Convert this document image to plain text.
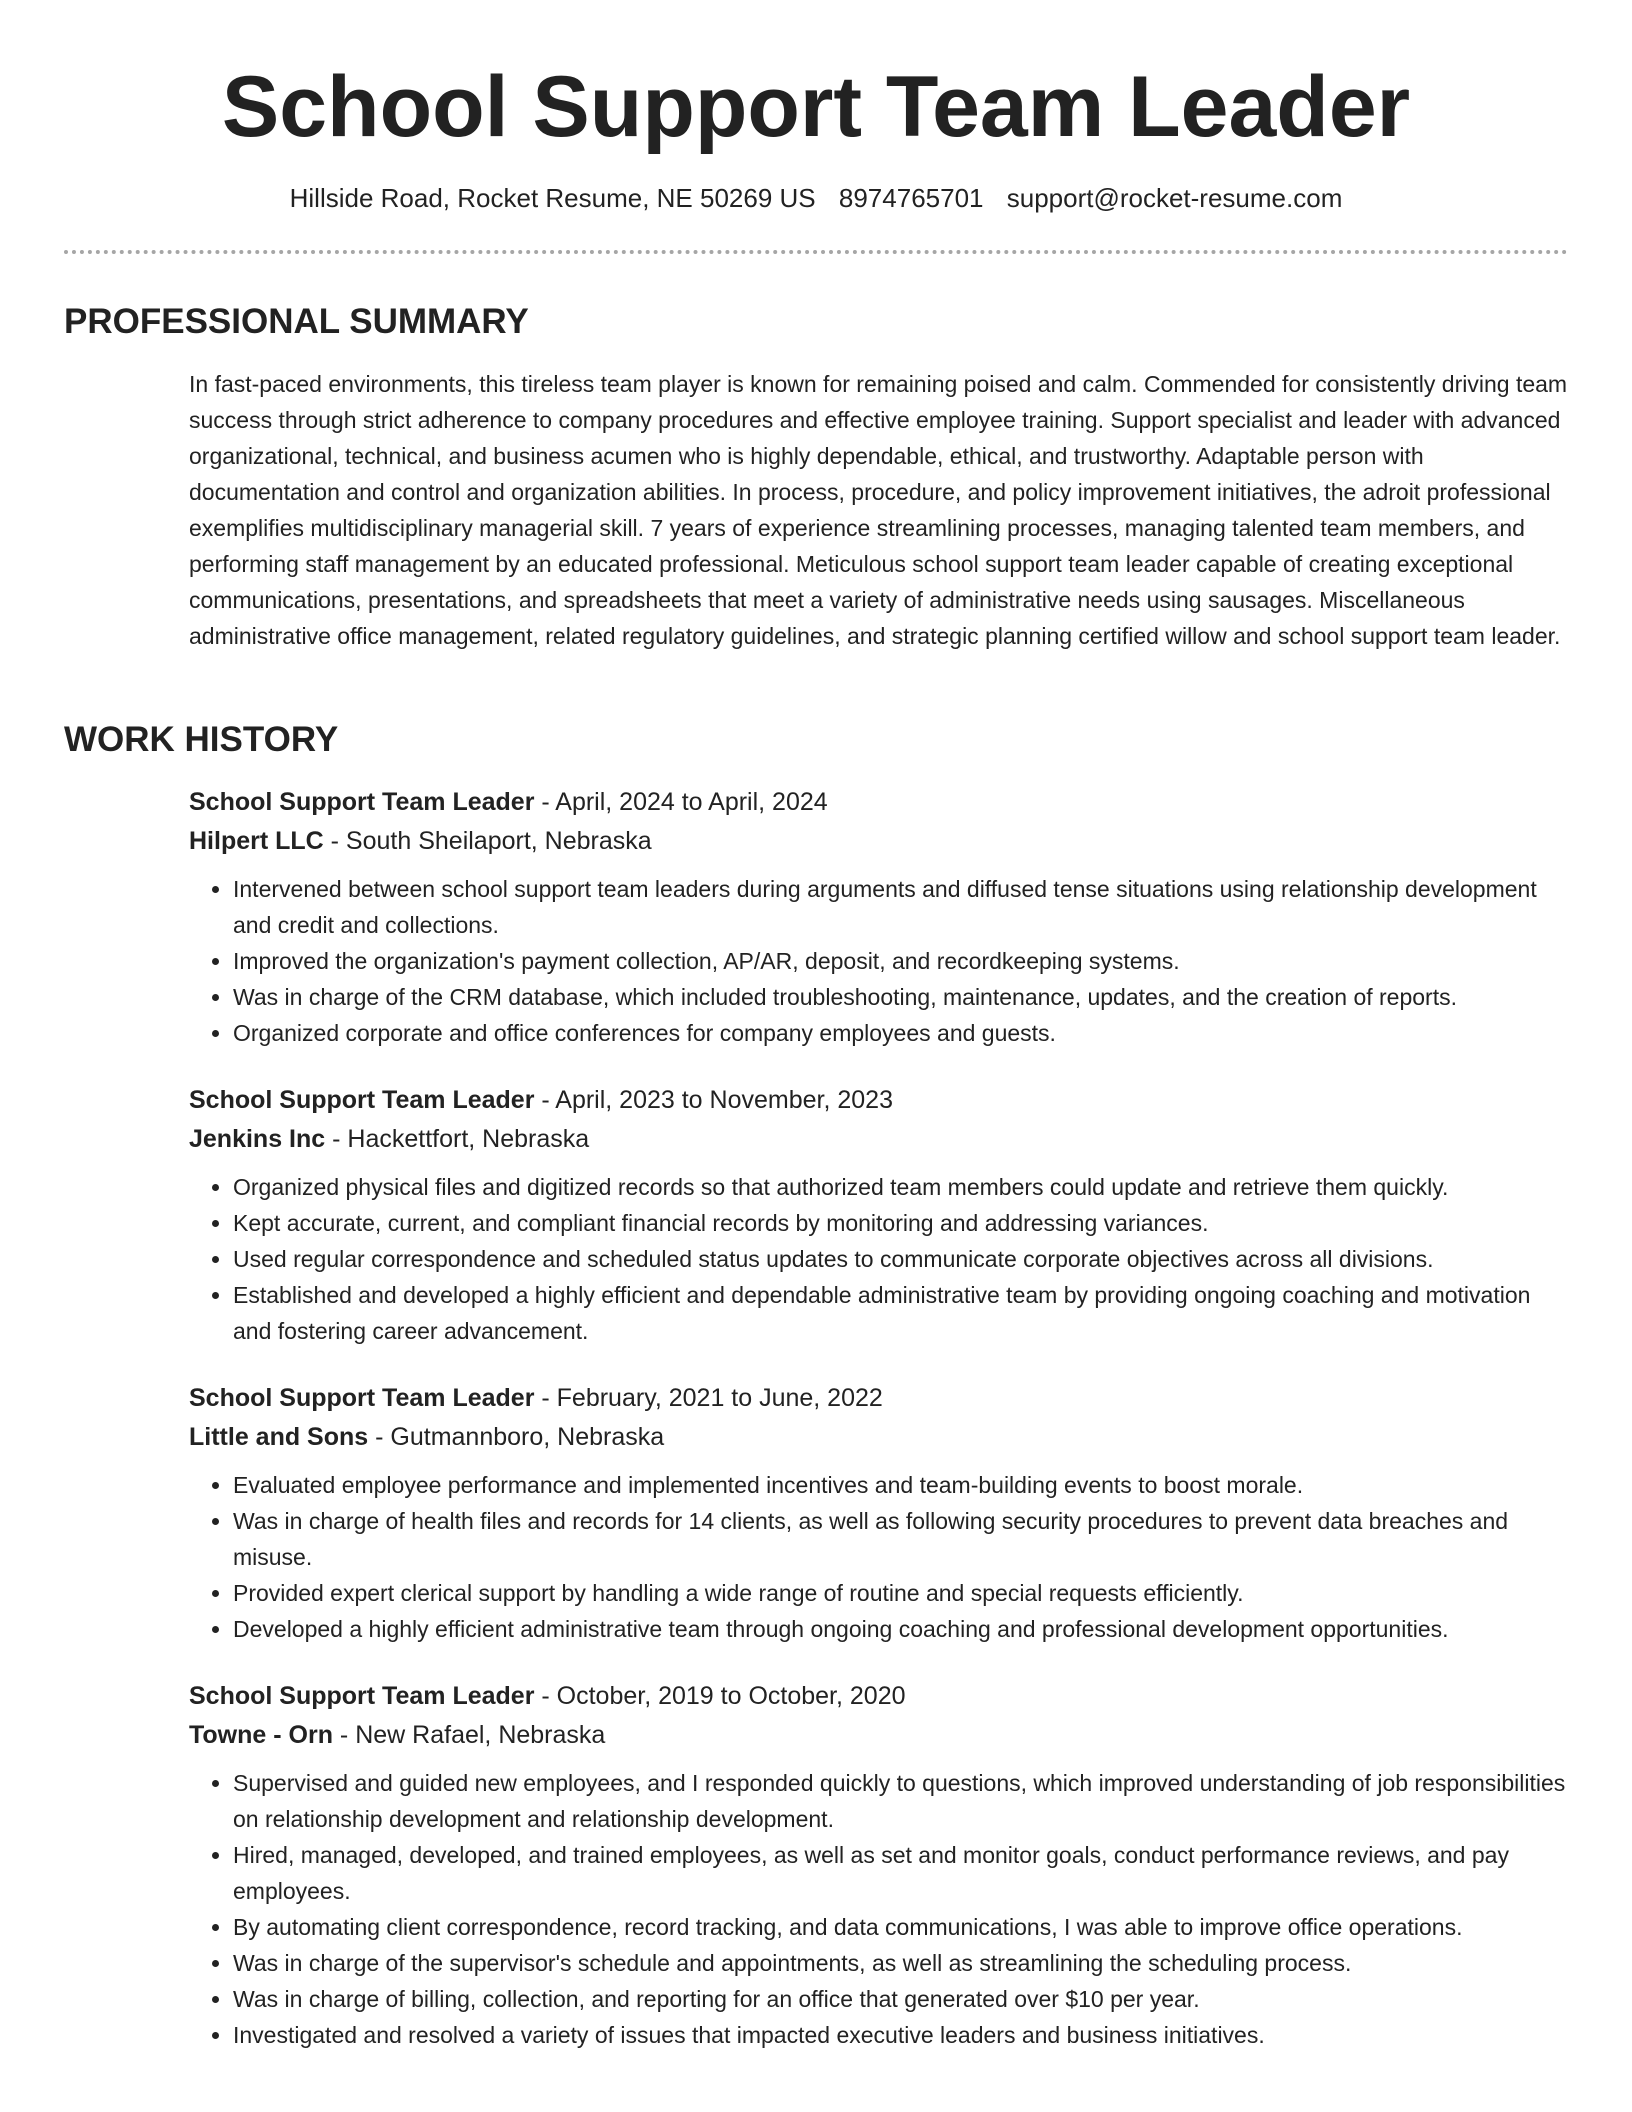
School Support Team Leader
Hillside Road, Rocket Resume, NE 50269 US 8974765701 support@rocket-resume.com
PROFESSIONAL SUMMARY

In fast-paced environments, this tireless team player is known for remaining poised and calm. Commended for consistently driving team success through strict adherence to company procedures and effective employee training. Support specialist and leader with advanced organizational, technical, and business acumen who is highly dependable, ethical, and trustworthy. Adaptable person with documentation and control and organization abilities. In process, procedure, and policy improvement initiatives, the adroit professional exemplifies multidisciplinary managerial skill. 7 years of experience streamlining processes, managing talented team members, and performing staff management by an educated professional. Meticulous school support team leader capable of creating exceptional communications, presentations, and spreadsheets that meet a variety of administrative needs using sausages. Miscellaneous administrative office management, related regulatory guidelines, and strategic planning certified willow and school support team leader.

WORK HISTORY

School Support Team Leader - April, 2024 to April, 2024

Hilpert LLC - South Sheilaport, Nebraska

• Intervened between school support team leaders during arguments and diffused tense situations using relationship development and credit and collections.
• Improved the organization's payment collection, AP/AR, deposit, and recordkeeping systems.
• Was in charge of the CRM database, which included troubleshooting, maintenance, updates, and the creation of reports.
• Organized corporate and office conferences for company employees and guests.

School Support Team Leader - April, 2023 to November, 2023

Jenkins Inc - Hackettfort, Nebraska

• Organized physical files and digitized records so that authorized team members could update and retrieve them quickly.
• Kept accurate, current, and compliant financial records by monitoring and addressing variances.
• Used regular correspondence and scheduled status updates to communicate corporate objectives across all divisions.
• Established and developed a highly efficient and dependable administrative team by providing ongoing coaching and motivation and fostering career advancement.

School Support Team Leader - February, 2021 to June, 2022

Little and Sons - Gutmannboro, Nebraska

• Evaluated employee performance and implemented incentives and team-building events to boost morale.
• Was in charge of health files and records for 14 clients, as well as following security procedures to prevent data breaches and misuse.
• Provided expert clerical support by handling a wide range of routine and special requests efficiently.
• Developed a highly efficient administrative team through ongoing coaching and professional development opportunities.

School Support Team Leader - October, 2019 to October, 2020

Towne - Orn - New Rafael, Nebraska

• Supervised and guided new employees, and I responded quickly to questions, which improved understanding of job responsibilities on relationship development and relationship development.
• Hired, managed, developed, and trained employees, as well as set and monitor goals, conduct performance reviews, and pay employees.
• By automating client correspondence, record tracking, and data communications, I was able to improve office operations.
• Was in charge of the supervisor's schedule and appointments, as well as streamlining the scheduling process.
• Was in charge of billing, collection, and reporting for an office that generated over $10 per year.
• Investigated and resolved a variety of issues that impacted executive leaders and business initiatives.
